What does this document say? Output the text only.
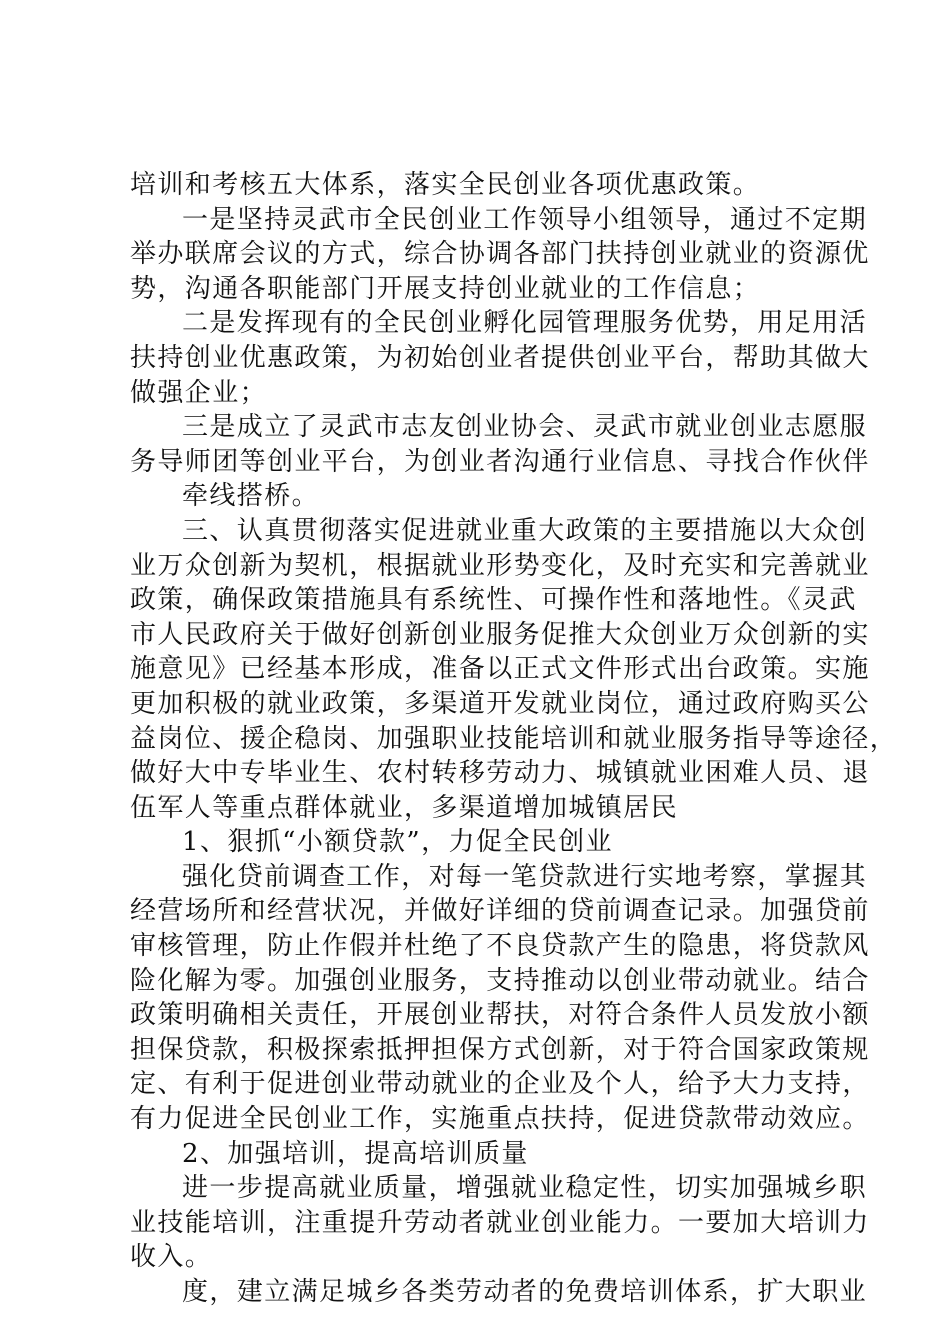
培训和考核五大体系，落实全民创业各项优惠政策。
一是坚持灵武市全民创业工作领导小组领导，通过不定期
举办联席会议的方式，综合协调各部门扶持创业就业的资源优
势，沟通各职能部门开展支持创业就业的工作信息；
二是发挥现有的全民创业孵化园管理服务优势，用足用活
扶持创业优惠政策，为初始创业者提供创业平台，帮助其做大
做强企业；
三是成立了灵武市志友创业协会、灵武市就业创业志愿服
务导师团等创业平台，为创业者沟通行业信息、寻找合作伙伴
牵线搭桥。
三、认真贯彻落实促进就业重大政策的主要措施以大众创
业万众创新为契机，根据就业形势变化，及时充实和完善就业
政策，确保政策措施具有系统性、可操作性和落地性。《灵武
市人民政府关于做好创新创业服务促推大众创业万众创新的实
施意见》已经基本形成，准备以正式文件形式出台政策。实施
更加积极的就业政策，多渠道开发就业岗位，通过政府购买公
益岗位、援企稳岗、加强职业技能培训和就业服务指导等途径，
做好大中专毕业生、农村转移劳动力、城镇就业困难人员、退
伍军人等重点群体就业，多渠道增加城镇居民
1、狠抓“小额贷款”，力促全民创业
强化贷前调查工作，对每一笔贷款进行实地考察，掌握其
经营场所和经营状况，并做好详细的贷前调查记录。加强贷前
审核管理，防止作假并杜绝了不良贷款产生的隐患，将贷款风
险化解为零。加强创业服务，支持推动以创业带动就业。结合
政策明确相关责任，开展创业帮扶，对符合条件人员发放小额
担保贷款，积极探索抵押担保方式创新，对于符合国家政策规
定、有利于促进创业带动就业的企业及个人，给予大力支持，
有力促进全民创业工作，实施重点扶持，促进贷款带动效应。
2、加强培训，提高培训质量
进一步提高就业质量，增强就业稳定性，切实加强城乡职
业技能培训，注重提升劳动者就业创业能力。一要加大培训力
收入。
度，建立满足城乡各类劳动者的免费培训体系，扩大职业
